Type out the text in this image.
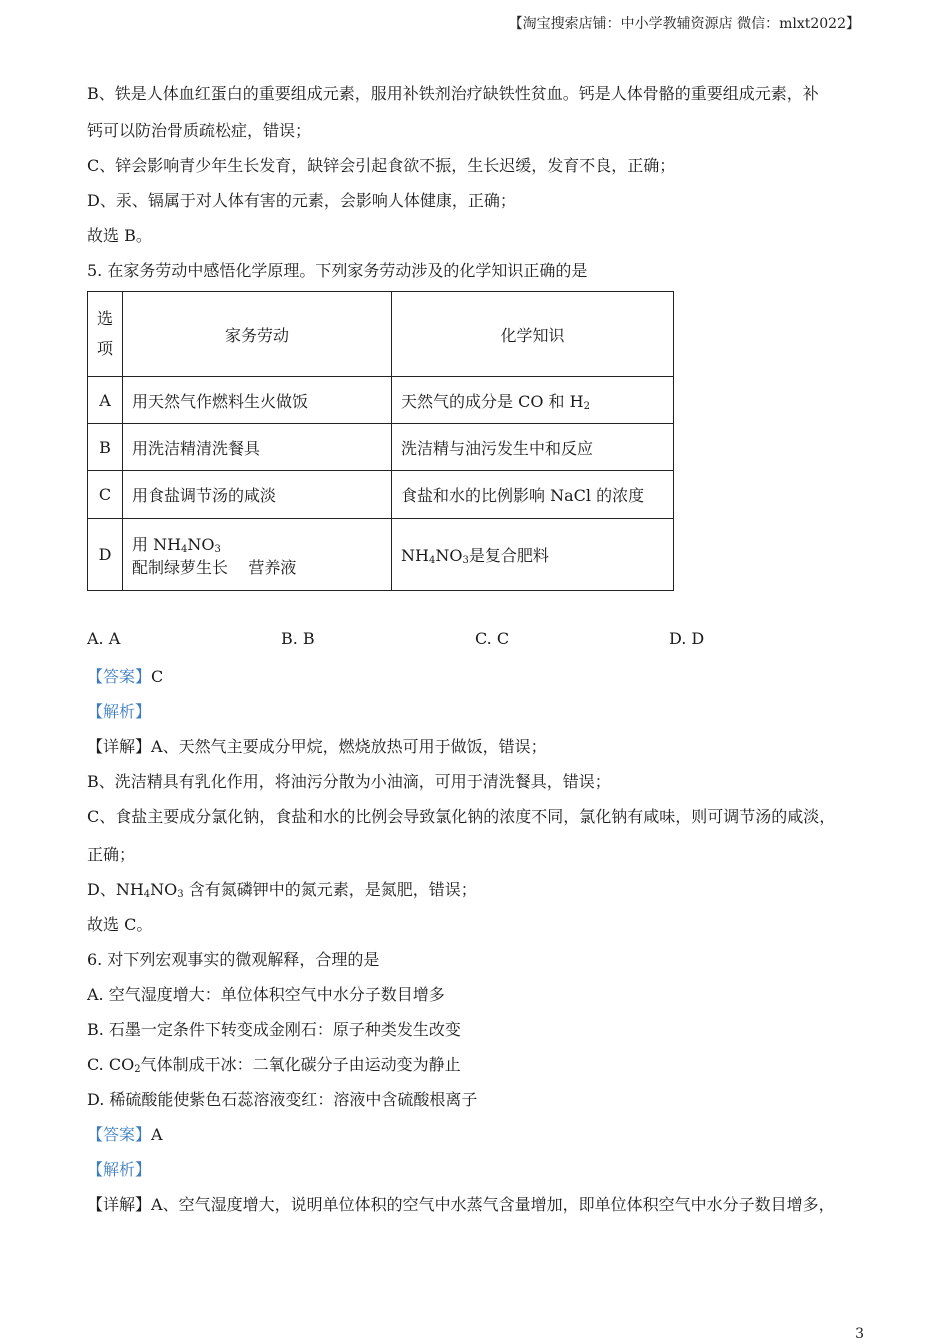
【淘宝搜索店铺：中小学教辅资源店 微信：mlxt2022】
B、铁是人体血红蛋白的重要组成元素，服用补铁剂治疗缺铁性贫血。钙是人体骨骼的重要组成元素，补
钙可以防治骨质疏松症，错误；
C、锌会影响青少年生长发育，缺锌会引起食欲不振，生长迟缓，发育不良，正确；
D、汞、镉属于对人体有害的元素，会影响人体健康，正确；
故选 B。
5. 在家务劳动中感悟化学原理。下列家务劳动涉及的化学知识正确的是
选
项	家务劳动	化学知识
A	用天然气作燃料生火做饭	天然气的成分是 CO 和 $H_2$
B	用洗洁精清洗餐具	洗洁精与油污发生中和反应
C	用食盐调节汤的咸淡	食盐和水的比例影响 NaCl 的浓度
D	用 $NH_4NO_3$配制绿萝生长    营养液	$NH_4NO_3$是复合肥料
A. A	B. B	C. C	D. D
【答案】C
【解析】
【详解】A、天然气主要成分甲烷，燃烧放热可用于做饭，错误；
B、洗洁精具有乳化作用，将油污分散为小油滴，可用于清洗餐具，错误；
C、食盐主要成分氯化钠，食盐和水的比例会导致氯化钠的浓度不同，氯化钠有咸味，则可调节汤的咸淡，
正确；
D、$NH_4NO_3$ 含有氮磷钾中的氮元素，是氮肥，错误；
故选 C。
6. 对下列宏观事实的微观解释，合理的是
A. 空气湿度增大：单位体积空气中水分子数目增多
B. 石墨一定条件下转变成金刚石：原子种类发生改变
C. $CO_2$气体制成干冰：二氧化碳分子由运动变为静止
D. 稀硫酸能使紫色石蕊溶液变红：溶液中含硫酸根离子
【答案】A
【解析】
【详解】A、空气湿度增大，说明单位体积的空气中水蒸气含量增加，即单位体积空气中水分子数目增多，
3
